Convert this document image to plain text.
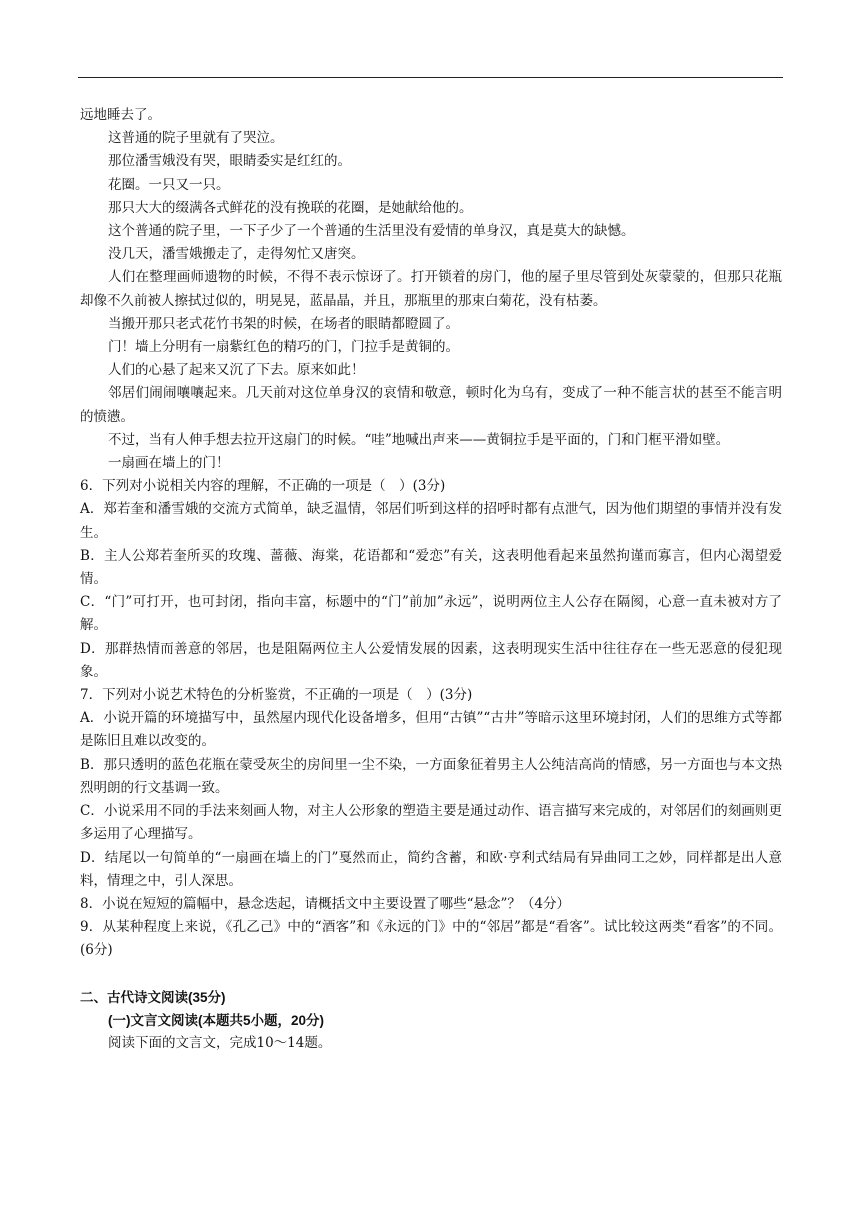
远地睡去了。

这普通的院子里就有了哭泣。

那位潘雪娥没有哭，眼睛委实是红红的。

花圈。一只又一只。

那只大大的缀满各式鲜花的没有挽联的花圈，是她献给他的。

这个普通的院子里，一下子少了一个普通的生活里没有爱情的单身汉，真是莫大的缺憾。

没几天，潘雪娥搬走了，走得匆忙又唐突。

人们在整理画师遗物的时候，不得不表示惊讶了。打开锁着的房门，他的屋子里尽管到处灰蒙蒙的，但那只花瓶却像不久前被人擦拭过似的，明晃晃，蓝晶晶，并且，那瓶里的那束白菊花，没有枯萎。

当搬开那只老式花竹书架的时候，在场者的眼睛都瞪圆了。

门！墙上分明有一扇紫红色的精巧的门，门拉手是黄铜的。

人们的心悬了起来又沉了下去。原来如此！

邻居们闹闹嚷嚷起来。几天前对这位单身汉的哀情和敬意，顿时化为乌有，变成了一种不能言状的甚至不能言明的愤懑。

不过，当有人伸手想去拉开这扇门的时候。“哇”地喊出声来——黄铜拉手是平面的，门和门框平滑如壁。

一扇画在墙上的门！

6．下列对小说相关内容的理解，不正确的一项是（　）(3分)

A．郑若奎和潘雪娥的交流方式简单，缺乏温情，邻居们听到这样的招呼时都有点泄气，因为他们期望的事情并没有发生。

B．主人公郑若奎所买的玫瑰、蔷薇、海棠，花语都和“爱恋”有关，这表明他看起来虽然拘谨而寡言，但内心渴望爱情。

C．“门”可打开，也可封闭，指向丰富，标题中的“门”前加”永远”，说明两位主人公存在隔阂，心意一直未被对方了解。

D．那群热情而善意的邻居，也是阻隔两位主人公爱情发展的因素，这表明现实生活中往往存在一些无恶意的侵犯现象。

7．下列对小说艺术特色的分析鉴赏，不正确的一项是（　）(3分)

A．小说开篇的环境描写中，虽然屋内现代化设备增多，但用“古镇”“古井”等暗示这里环境封闭，人们的思维方式等都是陈旧且难以改变的。

B．那只透明的蓝色花瓶在蒙受灰尘的房间里一尘不染，一方面象征着男主人公纯洁高尚的情感，另一方面也与本文热烈明朗的行文基调一致。

C．小说采用不同的手法来刻画人物，对主人公形象的塑造主要是通过动作、语言描写来完成的，对邻居们的刻画则更多运用了心理描写。

D．结尾以一句简单的“一扇画在墙上的门”戛然而止，简约含蓄，和欧·亨利式结局有异曲同工之妙，同样都是出人意料，情理之中，引人深思。

8．小说在短短的篇幅中，悬念迭起，请概括文中主要设置了哪些“悬念”？（4分）

9．从某种程度上来说，《孔乙己》中的“酒客”和《永远的门》中的“邻居”都是“看客”。试比较这两类“看客”的不同。(6分)

二、古代诗文阅读(35分)

(一)文言文阅读(本题共5小题，20分)

阅读下面的文言文，完成10～14题。
